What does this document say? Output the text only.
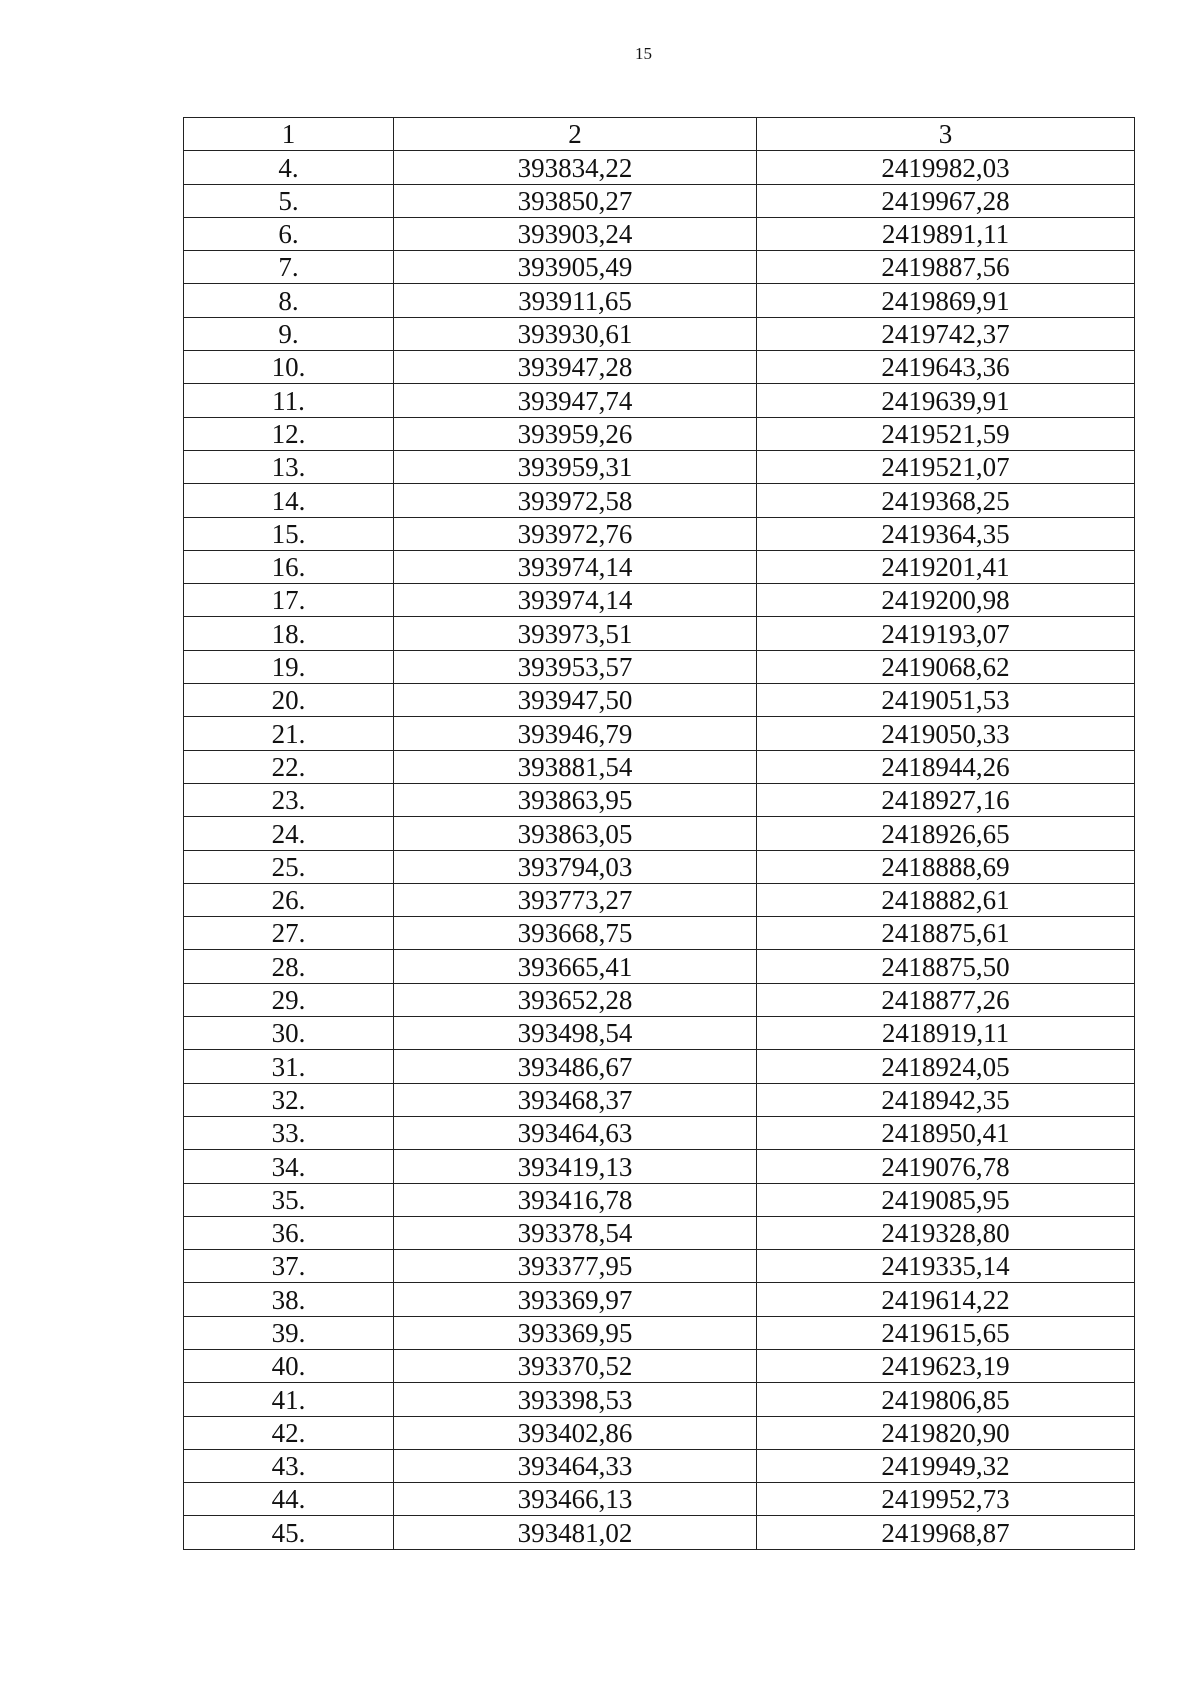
15
1	2	3
4.	393834,22	2419982,03
5.	393850,27	2419967,28
6.	393903,24	2419891,11
7.	393905,49	2419887,56
8.	393911,65	2419869,91
9.	393930,61	2419742,37
10.	393947,28	2419643,36
11.	393947,74	2419639,91
12.	393959,26	2419521,59
13.	393959,31	2419521,07
14.	393972,58	2419368,25
15.	393972,76	2419364,35
16.	393974,14	2419201,41
17.	393974,14	2419200,98
18.	393973,51	2419193,07
19.	393953,57	2419068,62
20.	393947,50	2419051,53
21.	393946,79	2419050,33
22.	393881,54	2418944,26
23.	393863,95	2418927,16
24.	393863,05	2418926,65
25.	393794,03	2418888,69
26.	393773,27	2418882,61
27.	393668,75	2418875,61
28.	393665,41	2418875,50
29.	393652,28	2418877,26
30.	393498,54	2418919,11
31.	393486,67	2418924,05
32.	393468,37	2418942,35
33.	393464,63	2418950,41
34.	393419,13	2419076,78
35.	393416,78	2419085,95
36.	393378,54	2419328,80
37.	393377,95	2419335,14
38.	393369,97	2419614,22
39.	393369,95	2419615,65
40.	393370,52	2419623,19
41.	393398,53	2419806,85
42.	393402,86	2419820,90
43.	393464,33	2419949,32
44.	393466,13	2419952,73
45.	393481,02	2419968,87
